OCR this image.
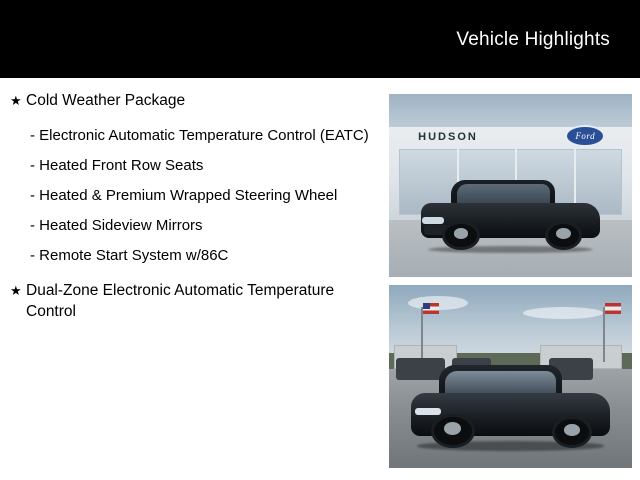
Vehicle Highlights
★ Cold Weather Package
- Electronic Automatic Temperature Control (EATC)
- Heated Front Row Seats
- Heated & Premium Wrapped Steering Wheel
- Heated Sideview Mirrors
- Remote Start System w/86C
★ Dual-Zone Electronic Automatic Temperature Control
HUDSON	Ford
